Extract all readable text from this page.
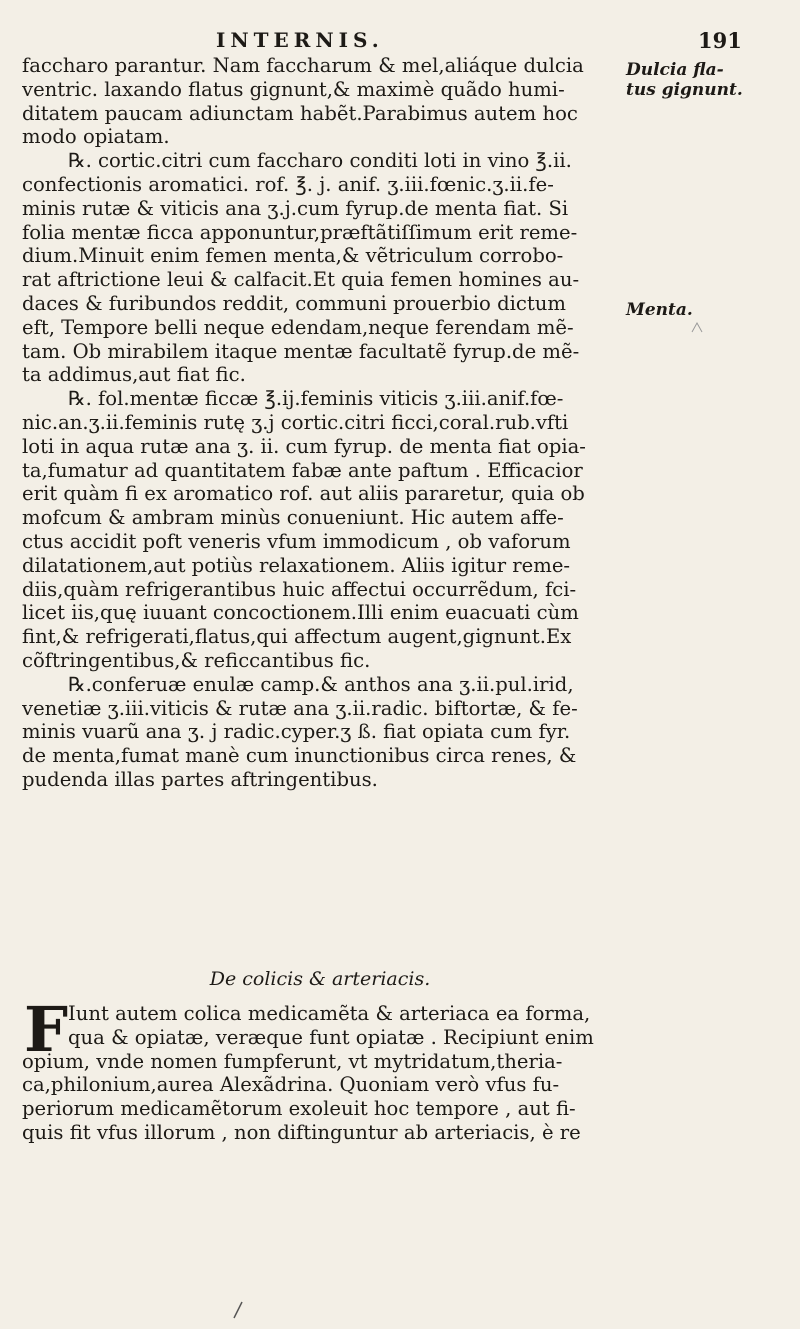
INTERNIS.	191
Dulcia fla-
tus gignunt.
Menta.
faccharo parantur. Nam faccharum & mel,aliáque dulcia
ventric. laxando flatus gignunt,& maximè quãdo humi-
ditatem paucam adiunctam habẽt.Parabimus autem hoc
modo opiatam.
℞. cortic.citri cum faccharo conditi loti in vino ℥.ii.
confectionis aromatici. rof. ℥. j. anif. ʒ.iii.fœnic.ʒ.ii.fe-
minis rutæ & viticis ana ʒ.j.cum fyrup.de menta fiat. Si
folia mentæ ficca apponuntur,præftãtiſſimum erit reme-
dium.Minuit enim femen menta,& vẽtriculum corrobo-
rat aftrictione leui & calfacit.Et quia femen homines au-
daces & furibundos reddit, communi prouerbio dictum
eft, Tempore belli neque edendam,neque ferendam mẽ-
tam. Ob mirabilem itaque mentæ facultatẽ fyrup.de mẽ-
ta addimus,aut fiat fic.
℞. fol.mentæ ficcæ ℥.ij.feminis viticis ʒ.iii.anif.fœ-
nic.an.ʒ.ii.feminis rutę ʒ.j cortic.citri ficci,coral.rub.vfti
loti in aqua rutæ ana ʒ. ii. cum fyrup. de menta fiat opia-
ta,fumatur ad quantitatem fabæ ante paftum . Efficacior
erit quàm fi ex aromatico rof. aut aliis pararetur, quia ob
mofcum & ambram minùs conueniunt. Hic autem affe-
ctus accidit poft veneris vfum immodicum , ob vaforum
dilatationem,aut potiùs relaxationem. Aliis igitur reme-
diis,quàm refrigerantibus huic affectui occurrẽdum, fci-
licet iis,quę iuuant concoctionem.Illi enim euacuati cùm
fint,& refrigerati,flatus,qui affectum augent,gignunt.Ex
cõftringentibus,& reficcantibus fic.
℞.conferuæ enulæ camp.& anthos ana ʒ.ii.pul.irid,
venetiæ ʒ.iii.viticis & rutæ ana ʒ.ii.radic. biftortæ, & fe-
minis vuarũ ana ʒ. j radic.cyper.ʒ ß. fiat opiata cum fyr.
de menta,fumat manè cum inunctionibus circa renes, &
pudenda illas partes aftringentibus.
De colicis & arteriacis.
F Iunt autem colica medicamẽta & arteriaca ea forma,
qua & opiatæ, veræque funt opiatæ . Recipiunt enim
opium, vnde nomen fumpferunt, vt mytridatum,theria-
ca,philonium,aurea Alexãdrina. Quoniam verò vfus fu-
periorum medicamẽtorum exoleuit hoc tempore , aut fi-
quis fit vfus illorum , non diftinguntur ab arteriacis, è re
